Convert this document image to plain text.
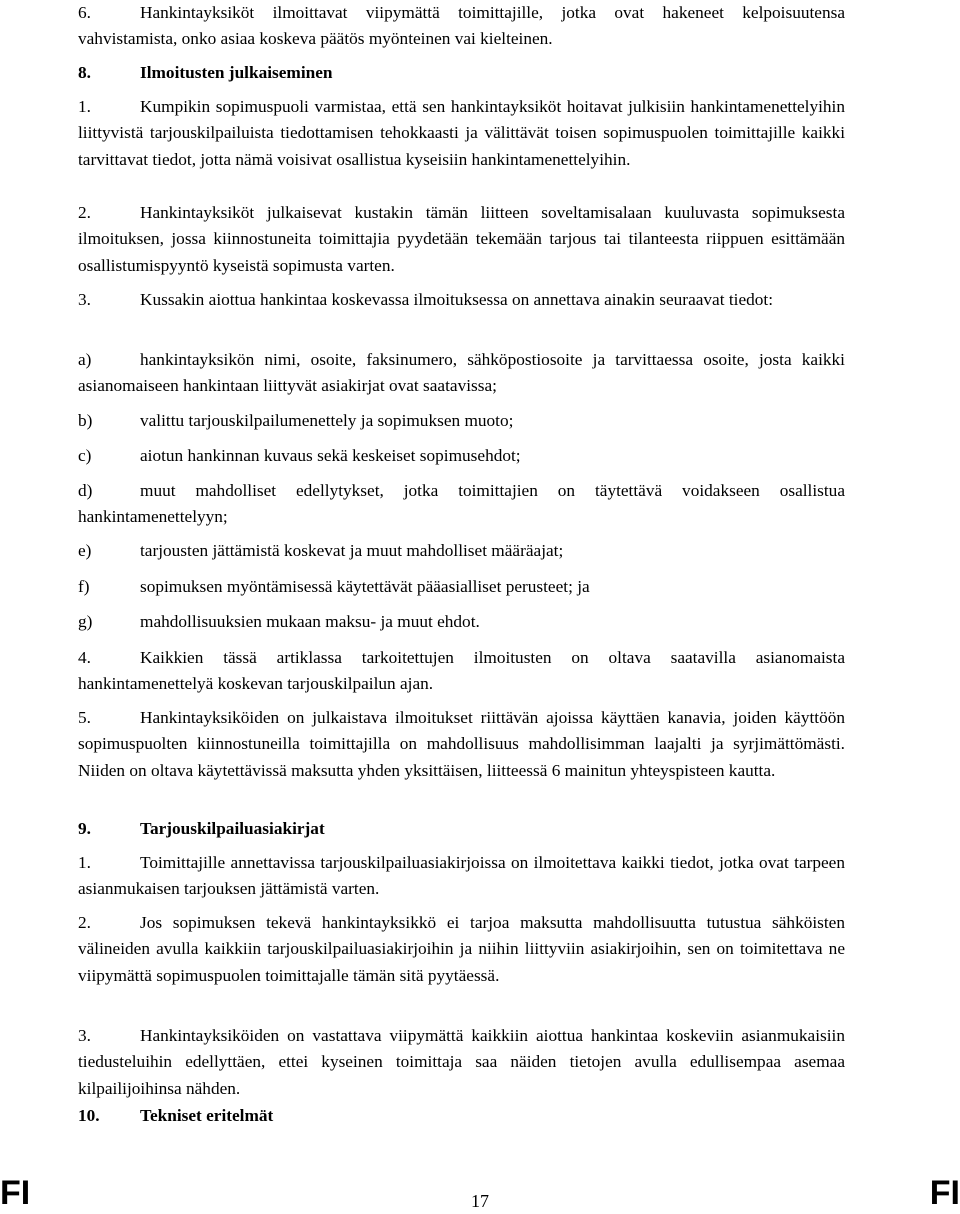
6.	Hankintayksiköt ilmoittavat viipymättä toimittajille, jotka ovat hakeneet kelpoisuutensa vahvistamista, onko asiaa koskeva päätös myönteinen vai kielteinen.

8.	Ilmoitusten julkaiseminen

1.	Kumpikin sopimuspuoli varmistaa, että sen hankintayksiköt hoitavat julkisiin hankintamenettelyihin liittyvistä tarjouskilpailuista tiedottamisen tehokkaasti ja välittävät toisen sopimuspuolen toimittajille kaikki tarvittavat tiedot, jotta nämä voisivat osallistua kyseisiin hankintamenettelyihin.

2.	Hankintayksiköt julkaisevat kustakin tämän liitteen soveltamisalaan kuuluvasta sopimuksesta ilmoituksen, jossa kiinnostuneita toimittajia pyydetään tekemään tarjous tai tilanteesta riippuen esittämään osallistumispyyntö kyseistä sopimusta varten.

3.	Kussakin aiottua hankintaa koskevassa ilmoituksessa on annettava ainakin seuraavat tiedot:

a)	hankintayksikön nimi, osoite, faksinumero, sähköpostiosoite ja tarvittaessa osoite, josta kaikki asianomaiseen hankintaan liittyvät asiakirjat ovat saatavissa;

b)	valittu tarjouskilpailumenettely ja sopimuksen muoto;

c)	aiotun hankinnan kuvaus sekä keskeiset sopimusehdot;

d)	muut mahdolliset edellytykset, jotka toimittajien on täytettävä voidakseen osallistua hankintamenettelyyn;

e)	tarjousten jättämistä koskevat ja muut mahdolliset määräajat;

f)	sopimuksen myöntämisessä käytettävät pääasialliset perusteet; ja

g)	mahdollisuuksien mukaan maksu- ja muut ehdot.

4.	Kaikkien tässä artiklassa tarkoitettujen ilmoitusten on oltava saatavilla asianomaista hankintamenettelyä koskevan tarjouskilpailun ajan.

5.	Hankintayksiköiden on julkaistava ilmoitukset riittävän ajoissa käyttäen kanavia, joiden käyttöön sopimuspuolten kiinnostuneilla toimittajilla on mahdollisuus mahdollisimman laajalti ja syrjimättömästi. Niiden on oltava käytettävissä maksutta yhden yksittäisen, liitteessä 6 mainitun yhteyspisteen kautta.

9.	Tarjouskilpailuasiakirjat

1.	Toimittajille annettavissa tarjouskilpailuasiakirjoissa on ilmoitettava kaikki tiedot, jotka ovat tarpeen asianmukaisen tarjouksen jättämistä varten.

2.	Jos sopimuksen tekevä hankintayksikkö ei tarjoa maksutta mahdollisuutta tutustua sähköisten välineiden avulla kaikkiin tarjouskilpailuasiakirjoihin ja niihin liittyviin asiakirjoihin, sen on toimitettava ne viipymättä sopimuspuolen toimittajalle tämän sitä pyytäessä.

3.	Hankintayksiköiden on vastattava viipymättä kaikkiin aiottua hankintaa koskeviin asianmukaisiin tiedusteluihin edellyttäen, ettei kyseinen toimittaja saa näiden tietojen avulla edullisempaa asemaa kilpailijoihinsa nähden.

10. Tekniset eritelmät

FI	17	FI
